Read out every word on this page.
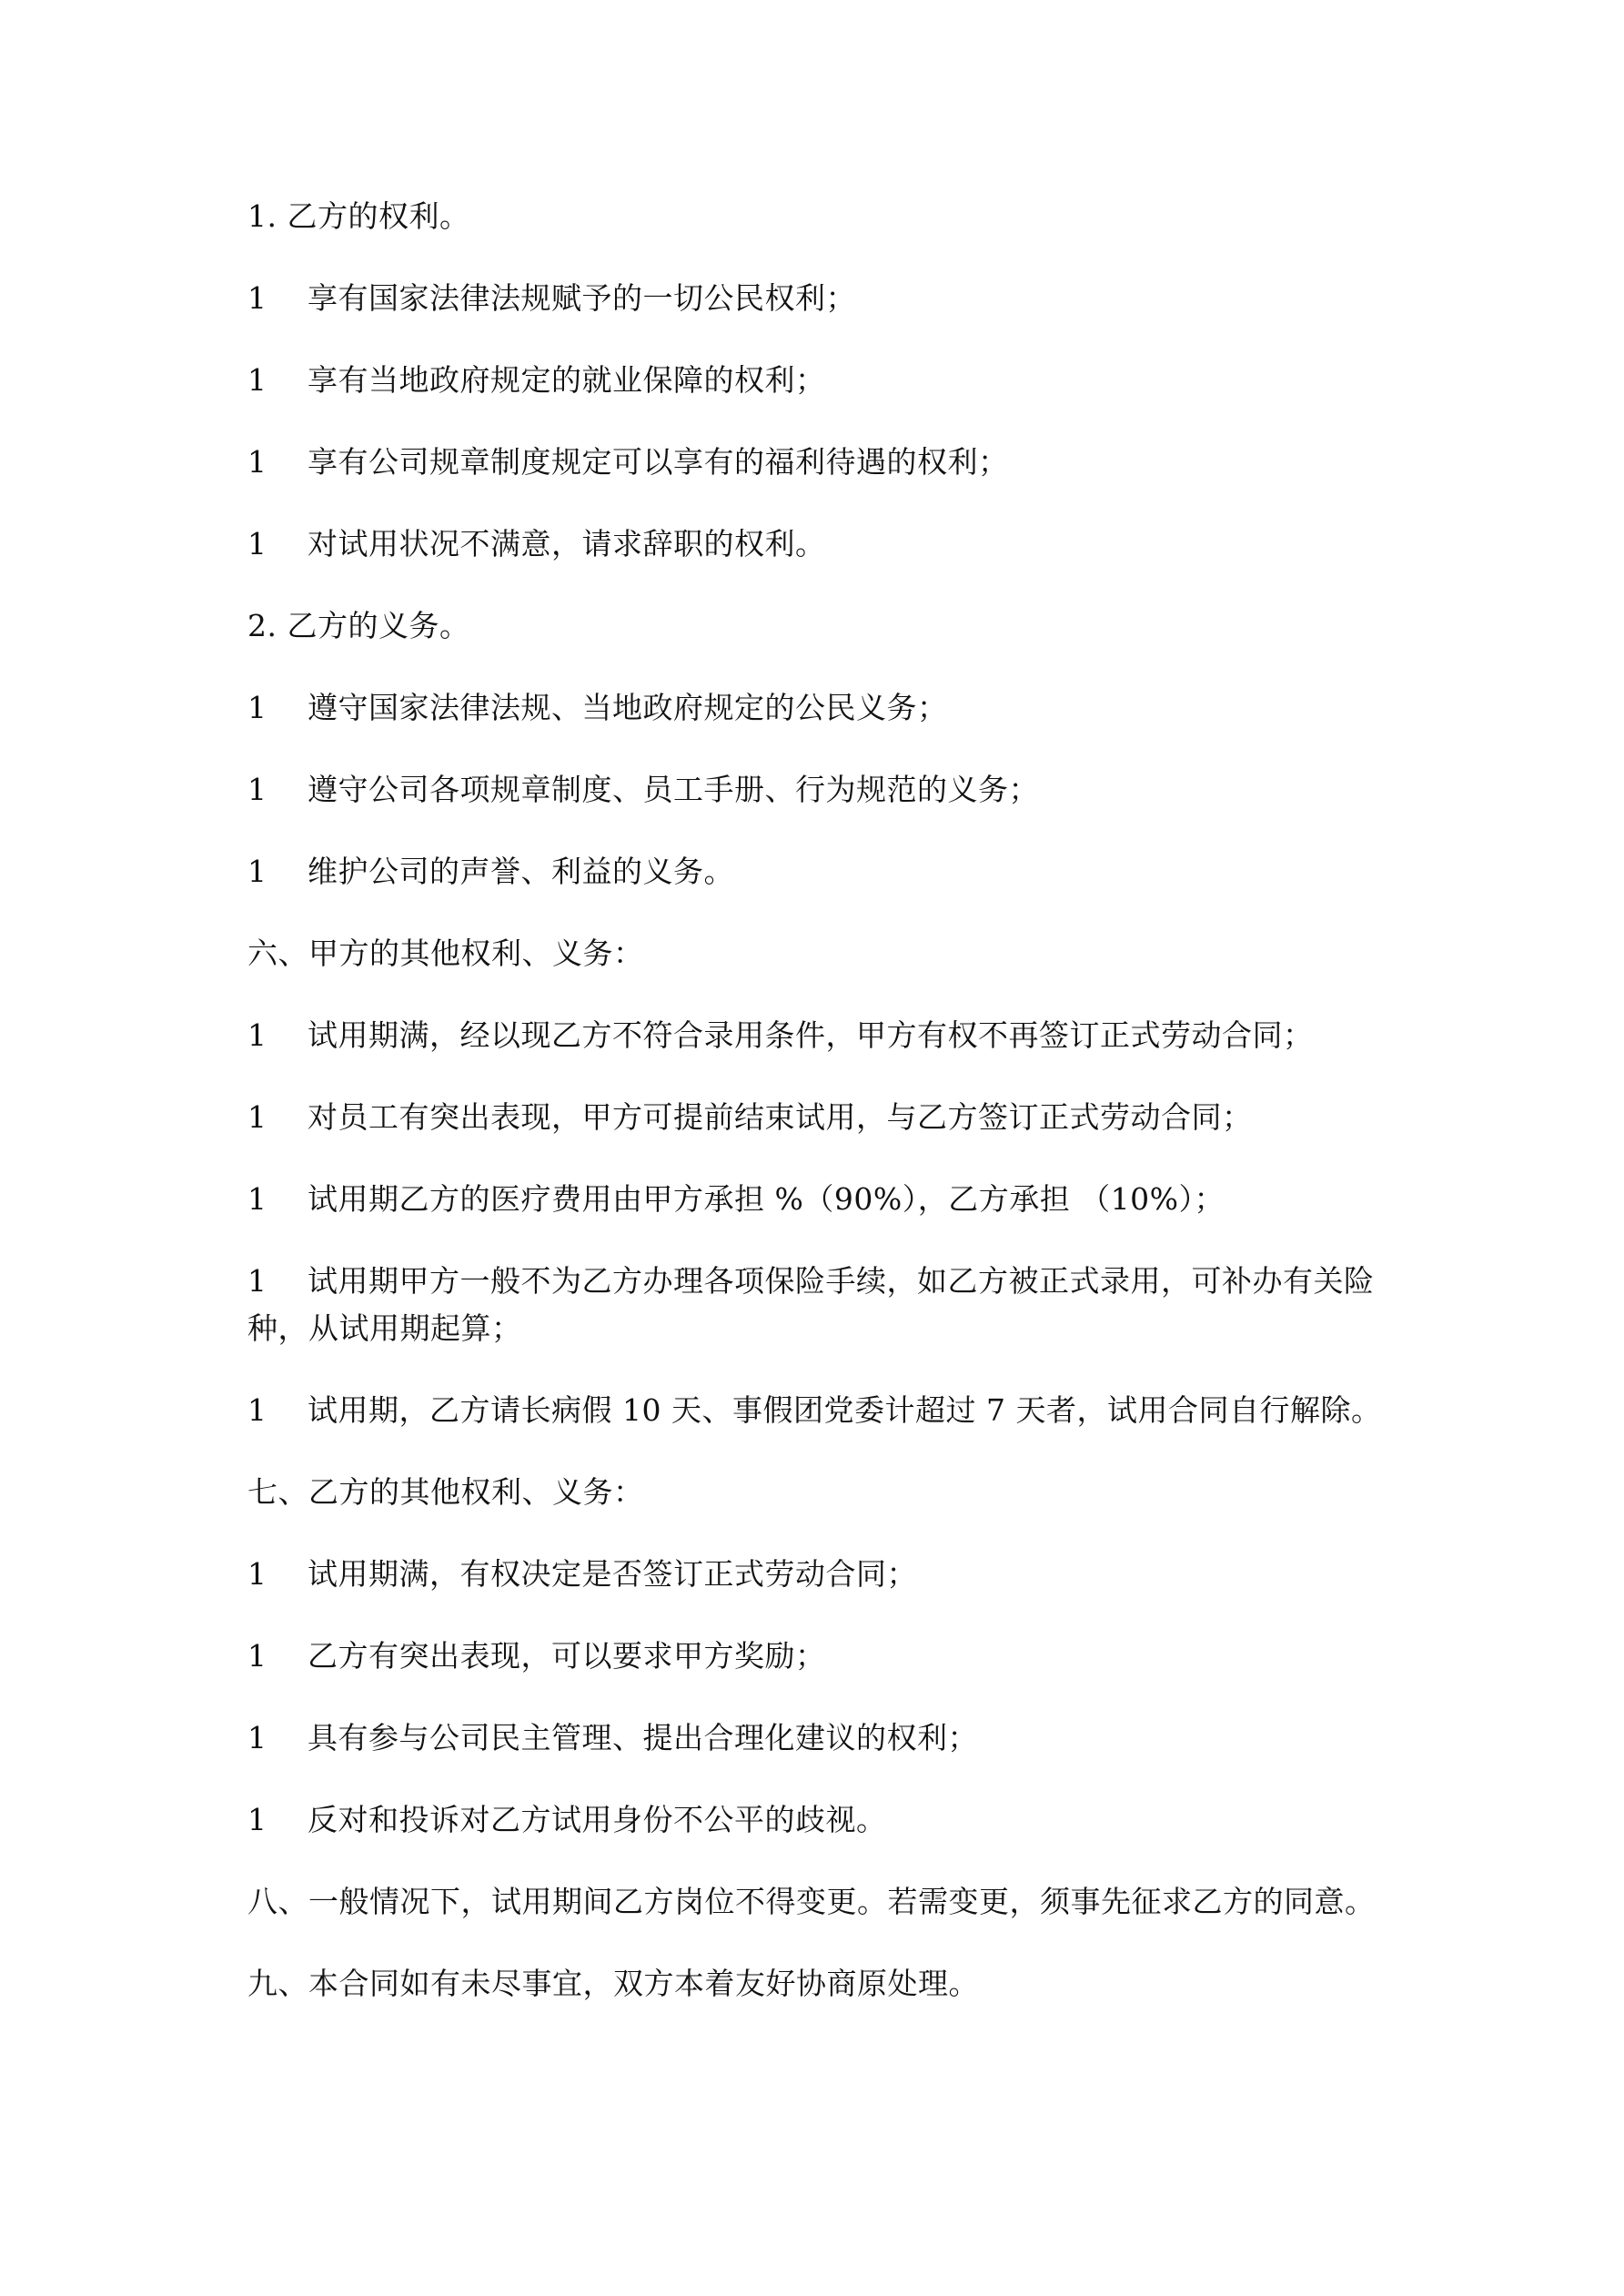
1. 乙方的权利。

1 享有国家法律法规赋予的一切公民权利；

1 享有当地政府规定的就业保障的权利；

1 享有公司规章制度规定可以享有的福利待遇的权利；

1 对试用状况不满意，请求辞职的权利。

2. 乙方的义务。

1 遵守国家法律法规、当地政府规定的公民义务；

1 遵守公司各项规章制度、员工手册、行为规范的义务；

1 维护公司的声誉、利益的义务。

六、甲方的其他权利、义务：

1 试用期满，经以现乙方不符合录用条件，甲方有权不再签订正式劳动合同；

1 对员工有突出表现，甲方可提前结束试用，与乙方签订正式劳动合同；

1 试用期乙方的医疗费用由甲方承担 %（90%），乙方承担 （10%）；

1 试用期甲方一般不为乙方办理各项保险手续，如乙方被正式录用，可补办有关险种，从试用期起算；

1 试用期，乙方请长病假 10 天、事假团党委计超过 7 天者，试用合同自行解除。

七、乙方的其他权利、义务：

1 试用期满，有权决定是否签订正式劳动合同；

1 乙方有突出表现，可以要求甲方奖励；

1 具有参与公司民主管理、提出合理化建议的权利；

1 反对和投诉对乙方试用身份不公平的歧视。

八、一般情况下，试用期间乙方岗位不得变更。若需变更，须事先征求乙方的同意。

九、本合同如有未尽事宜，双方本着友好协商原处理。
